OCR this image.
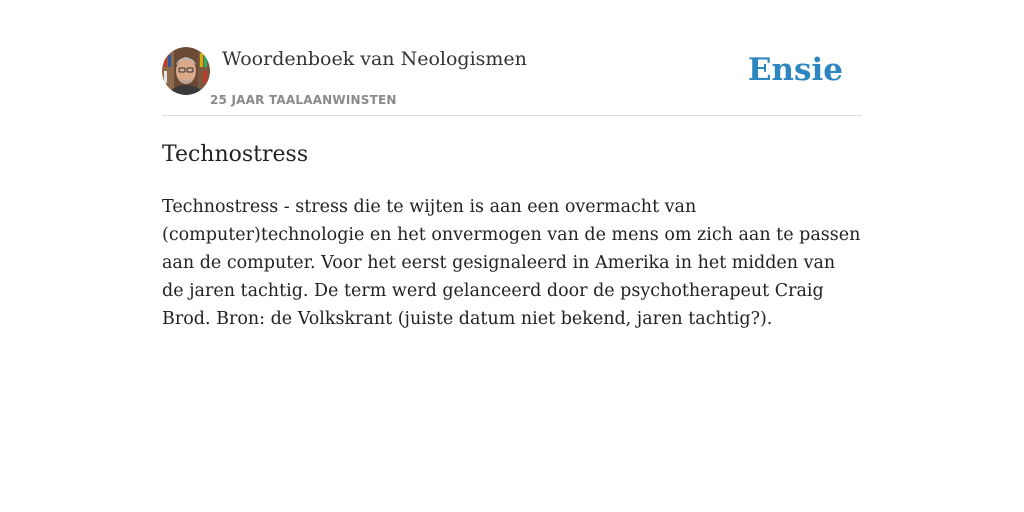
Woordenboek van Neologismen
25 JAAR TAALAANWINSTEN
Ensie
Technostress

Technostress - stress die te wijten is aan een overmacht van (computer)technologie en het onvermogen van de mens om zich aan te passen aan de computer. Voor het eerst gesignaleerd in Amerika in het midden van de jaren tachtig. De term werd gelanceerd door de psychotherapeut Craig Brod. Bron: de Volkskrant (juiste datum niet bekend, jaren tachtig?).
